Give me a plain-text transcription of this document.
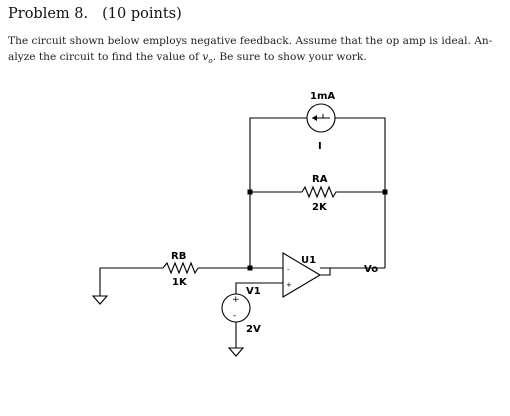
Problem 8. (10 points)
The circuit shown below employs negative feedback. Assume that the op amp is ideal. An-
alyze the circuit to find the value of $v_o$. Be sure to show your work.
1mA
I
RA
2K
RB
1K
U1
-
+
+
-
V1
2V
Vo
